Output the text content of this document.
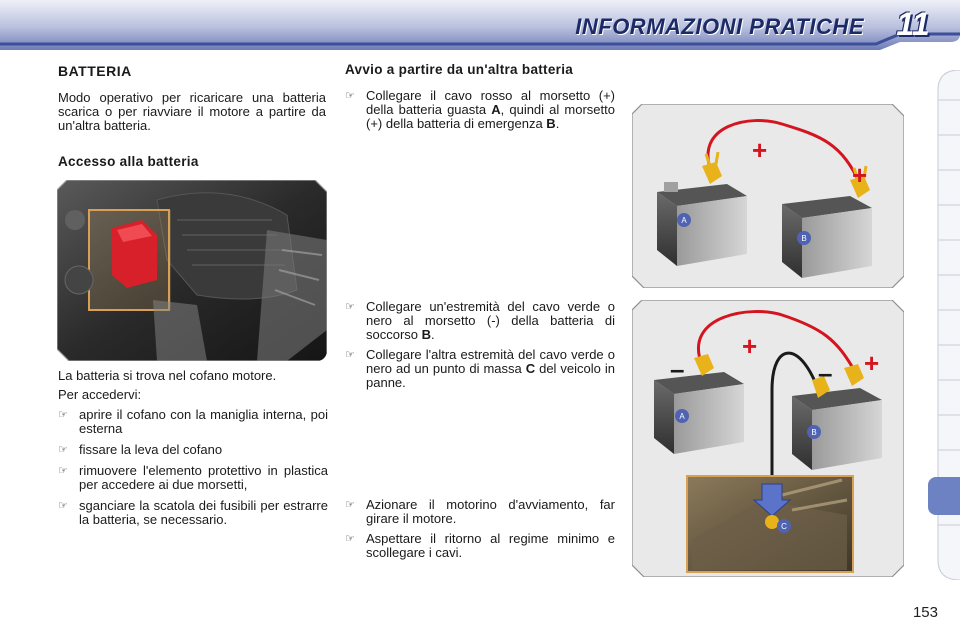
INFORMAZIONI PRATICHE 11
BATTERIA

Modo operativo per ricaricare una batteria scarica o per riavviare il motore a partire da un'altra batteria.

Accesso alla batteria

La batteria si trova nel cofano motore.

Per accedervi:

☞ aprire il cofano con la maniglia interna, poi esterna
☞ fissare la leva del cofano
☞ rimuovere l'elemento protettivo in plastica per accedere ai due morsetti,
☞ sganciare la scatola dei fusibili per estrarre la batteria, se necessario.
Avvio a partire da un'altra batteria
☞ Collegare il cavo rosso al morsetto (+) della batteria guasta A, quindi al morsetto (+) della batteria di emergenza B.
☞ Collegare un'estremità del cavo verde o nero al morsetto (-) della batteria di soccorso B.
☞ Collegare l'altra estremità del cavo verde o nero ad un punto di massa C del veicolo in panne.
☞ Azionare il motorino d'avviamento, far girare il motore.
☞ Aspettare il ritorno al regime minimo e scollegare i cavi.
A
B
+
+
A
B
+
+
–	–
C
153
